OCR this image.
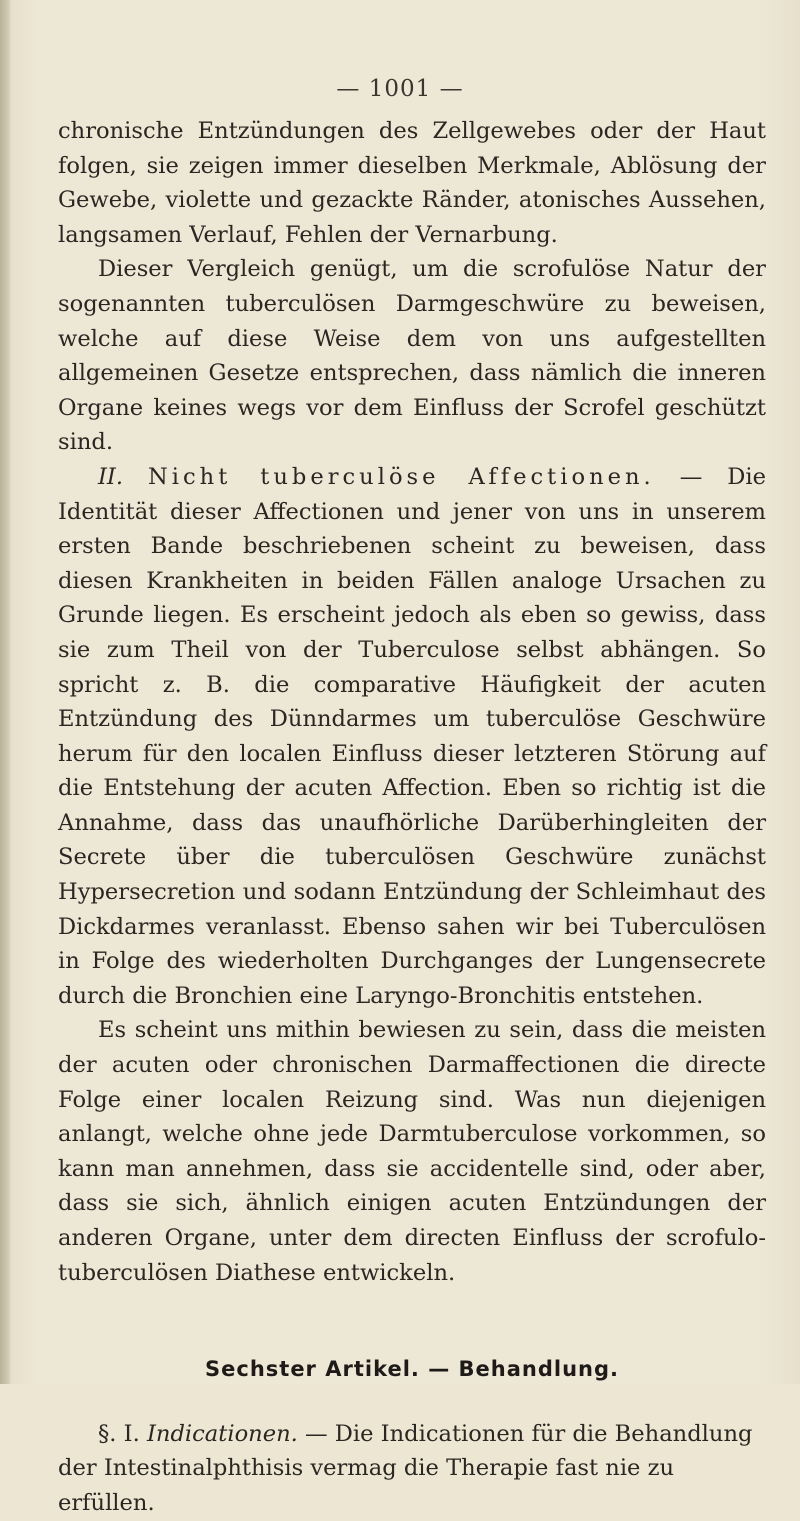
— 1001 —

chronische Entzündungen des Zellgewebes oder der Haut folgen, sie zeigen immer dieselben Merkmale, Ablösung der Gewebe, violette und gezackte Ränder, atonisches Aussehen, langsamen Verlauf, Fehlen der Vernarbung.

Dieser Vergleich genügt, um die scrofulöse Natur der sogenannten tuberculösen Darmgeschwüre zu beweisen, welche auf diese Weise dem von uns aufgestellten allgemeinen Gesetze entsprechen, dass nämlich die inneren Organe keines wegs vor dem Einfluss der Scrofel geschützt sind.

II. Nicht tuberculöse Affectionen. — Die Identität dieser Affectionen und jener von uns in unserem ersten Bande beschriebenen scheint zu beweisen, dass diesen Krankheiten in beiden Fällen analoge Ursachen zu Grunde liegen. Es erscheint jedoch als eben so gewiss, dass sie zum Theil von der Tuberculose selbst abhängen. So spricht z. B. die comparative Häufigkeit der acuten Entzündung des Dünndarmes um tuberculöse Geschwüre herum für den localen Einfluss dieser letzteren Störung auf die Entstehung der acuten Affection. Eben so richtig ist die Annahme, dass das unaufhörliche Darüberhingleiten der Secrete über die tuberculösen Geschwüre zunächst Hypersecretion und sodann Entzündung der Schleimhaut des Dickdarmes veranlasst. Ebenso sahen wir bei Tuberculösen in Folge des wiederholten Durchganges der Lungensecrete durch die Bronchien eine Laryngo-Bronchitis entstehen.

Es scheint uns mithin bewiesen zu sein, dass die meisten der acuten oder chronischen Darmaffectionen die directe Folge einer localen Reizung sind. Was nun diejenigen anlangt, welche ohne jede Darmtuberculose vorkommen, so kann man annehmen, dass sie accidentelle sind, oder aber, dass sie sich, ähnlich einigen acuten Entzündungen der anderen Organe, unter dem directen Einfluss der scrofulo-tuberculösen Diathese entwickeln.

Sechster Artikel. — Behandlung.

§. I. Indicationen. — Die Indicationen für die Behandlung der Intestinalphthisis vermag die Therapie fast nie zu erfüllen.
